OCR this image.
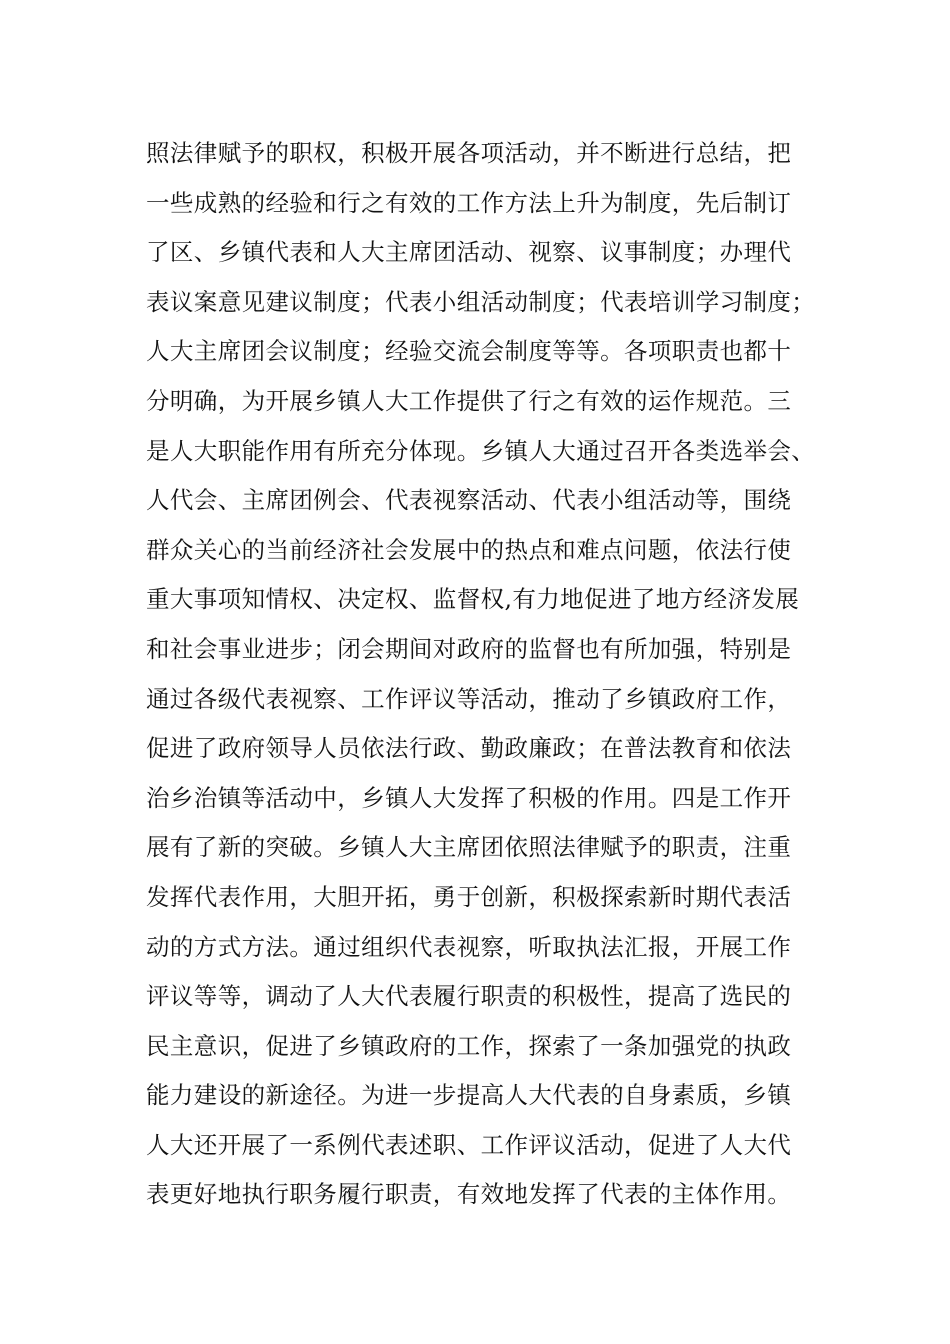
照法律赋予的职权，积极开展各项活动，并不断进行总结，把
一些成熟的经验和行之有效的工作方法上升为制度，先后制订
了区、乡镇代表和人大主席团活动、视察、议事制度；办理代
表议案意见建议制度；代表小组活动制度；代表培训学习制度；
人大主席团会议制度；经验交流会制度等等。各项职责也都十
分明确，为开展乡镇人大工作提供了行之有效的运作规范。三
是人大职能作用有所充分体现。乡镇人大通过召开各类选举会、
人代会、主席团例会、代表视察活动、代表小组活动等，围绕
群众关心的当前经济社会发展中的热点和难点问题，依法行使
重大事项知情权、决定权、监督权,有力地促进了地方经济发展
和社会事业进步；闭会期间对政府的监督也有所加强，特别是
通过各级代表视察、工作评议等活动，推动了乡镇政府工作，
促进了政府领导人员依法行政、勤政廉政；在普法教育和依法
治乡治镇等活动中，乡镇人大发挥了积极的作用。四是工作开
展有了新的突破。乡镇人大主席团依照法律赋予的职责，注重
发挥代表作用，大胆开拓，勇于创新，积极探索新时期代表活
动的方式方法。通过组织代表视察，听取执法汇报，开展工作
评议等等，调动了人大代表履行职责的积极性，提高了选民的
民主意识，促进了乡镇政府的工作，探索了一条加强党的执政
能力建设的新途径。为进一步提高人大代表的自身素质，乡镇
人大还开展了一系例代表述职、工作评议活动，促进了人大代
表更好地执行职务履行职责，有效地发挥了代表的主体作用。
